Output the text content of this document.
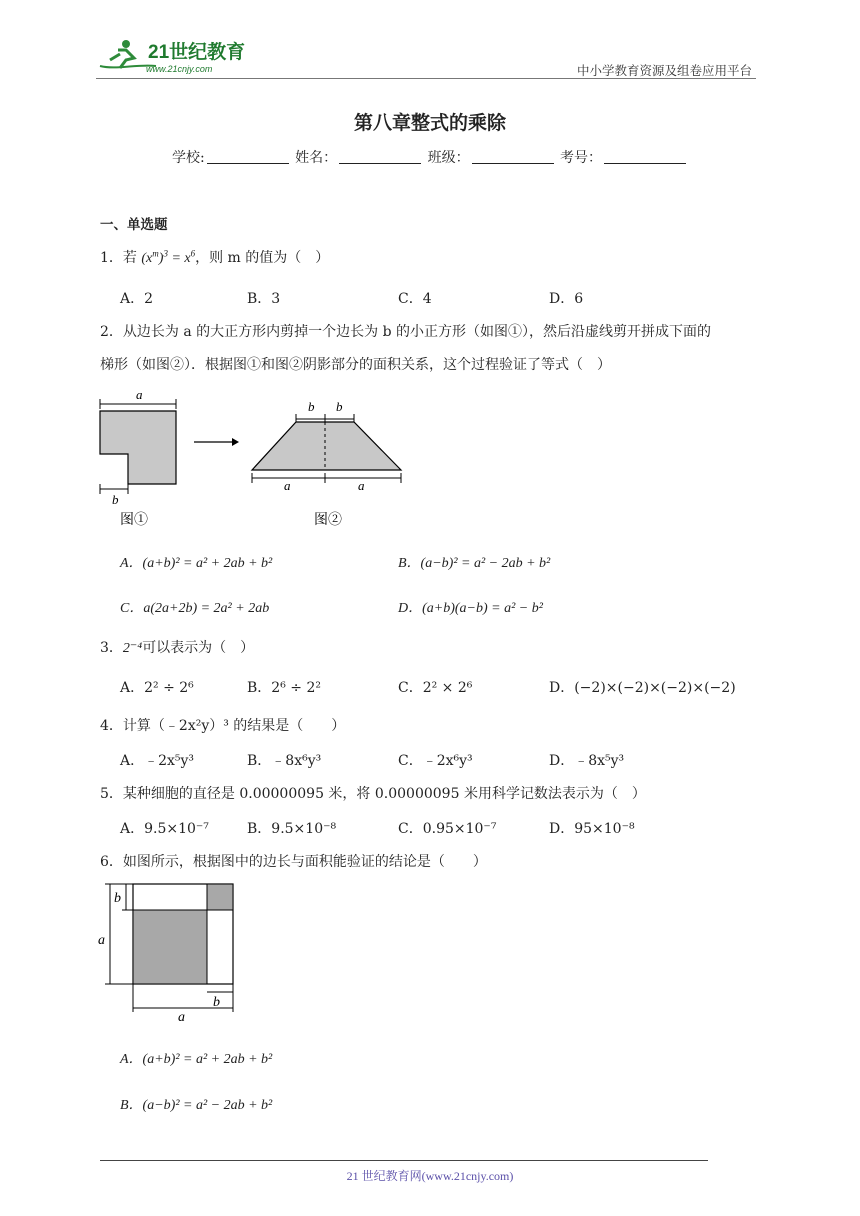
21世纪教育
www.21cnjy.com	中小学教育资源及组卷应用平台
第八章整式的乘除
学校:	姓名：	班级：	考号：
一、单选题
1．若 $(x^m)^3 = x^6$，则 m 的值为（　）
A．2	B．3	C．4	D．6
2．从边长为 a 的大正方形内剪掉一个边长为 b 的小正方形（如图①），然后沿虚线剪开拼成下面的
梯形（如图②）．根据图①和图②阴影部分的面积关系，这个过程验证了等式（　）
a
b
图①
b b
a	a
图②
A．(a+b)² = a² + 2ab + b²	B．(a−b)² = a² − 2ab + b²
C．a(2a+2b) = 2a² + 2ab	D．(a+b)(a−b) = a² − b²
3．2⁻⁴可以表示为（　）
A．2² ÷ 2⁶	B．2⁶ ÷ 2²	C．2² × 2⁶	D．(−2)×(−2)×(−2)×(−2)
4．计算（﹣2x²y）³ 的结果是（　　）
A．﹣2x⁵y³	B．﹣8x⁶y³	C．﹣2x⁶y³	D．﹣8x⁵y³
5．某种细胞的直径是 0.00000095 米，将 0.00000095 米用科学记数法表示为（　）
A．9.5×10⁻⁷	B．9.5×10⁻⁸	C．0.95×10⁻⁷	D．95×10⁻⁸
6．如图所示，根据图中的边长与面积能验证的结论是（　　）
a
b
b
a
A．(a+b)² = a² + 2ab + b²
B．(a−b)² = a² − 2ab + b²
21 世纪教育网(www.21cnjy.com)
